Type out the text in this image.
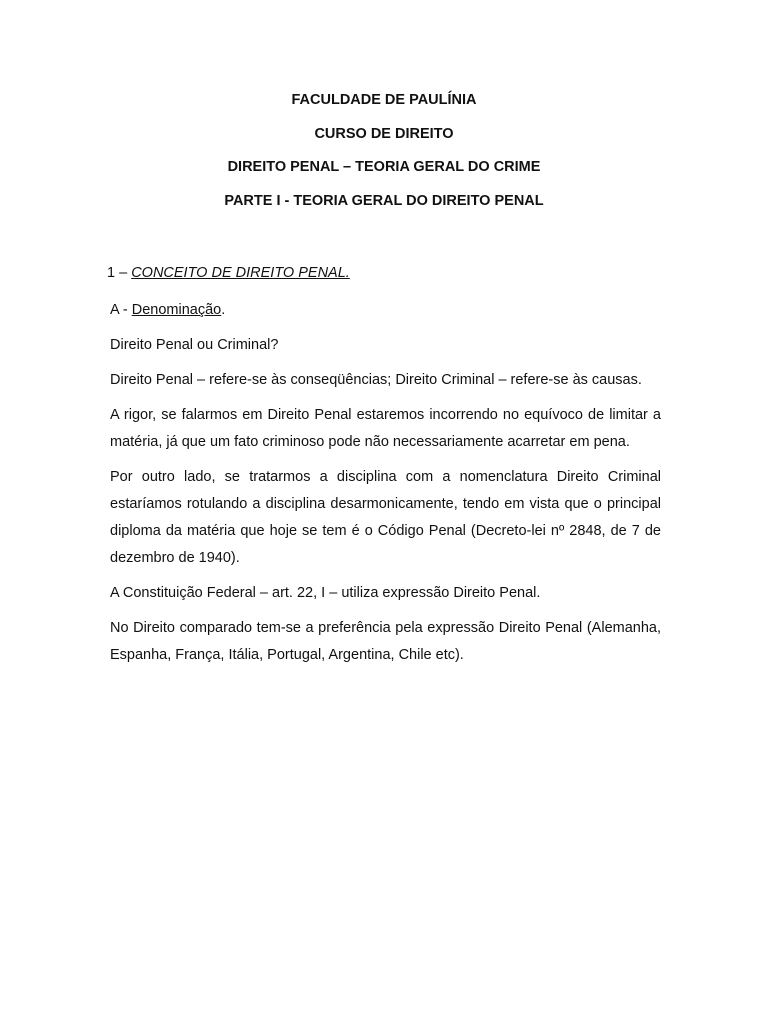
FACULDADE DE PAULÍNIA
CURSO DE DIREITO
DIREITO PENAL – TEORIA GERAL DO CRIME
PARTE I - TEORIA GERAL DO DIREITO PENAL
1 – CONCEITO DE DIREITO PENAL.

A - Denominação.

Direito Penal ou Criminal?

Direito Penal – refere-se às conseqüências; Direito Criminal – refere-se às causas.

A rigor, se falarmos em Direito Penal estaremos incorrendo no equívoco de limitar a matéria, já que um fato criminoso pode não necessariamente acarretar em pena.

Por outro lado, se tratarmos a disciplina com a nomenclatura Direito Criminal estaríamos rotulando a disciplina desarmonicamente, tendo em vista que o principal diploma da matéria que hoje se tem é o Código Penal (Decreto-lei nº 2848, de 7 de dezembro de 1940).

A Constituição Federal – art. 22, I – utiliza expressão Direito Penal.

No Direito comparado tem-se a preferência pela expressão Direito Penal (Alemanha, Espanha, França, Itália, Portugal, Argentina, Chile etc).
